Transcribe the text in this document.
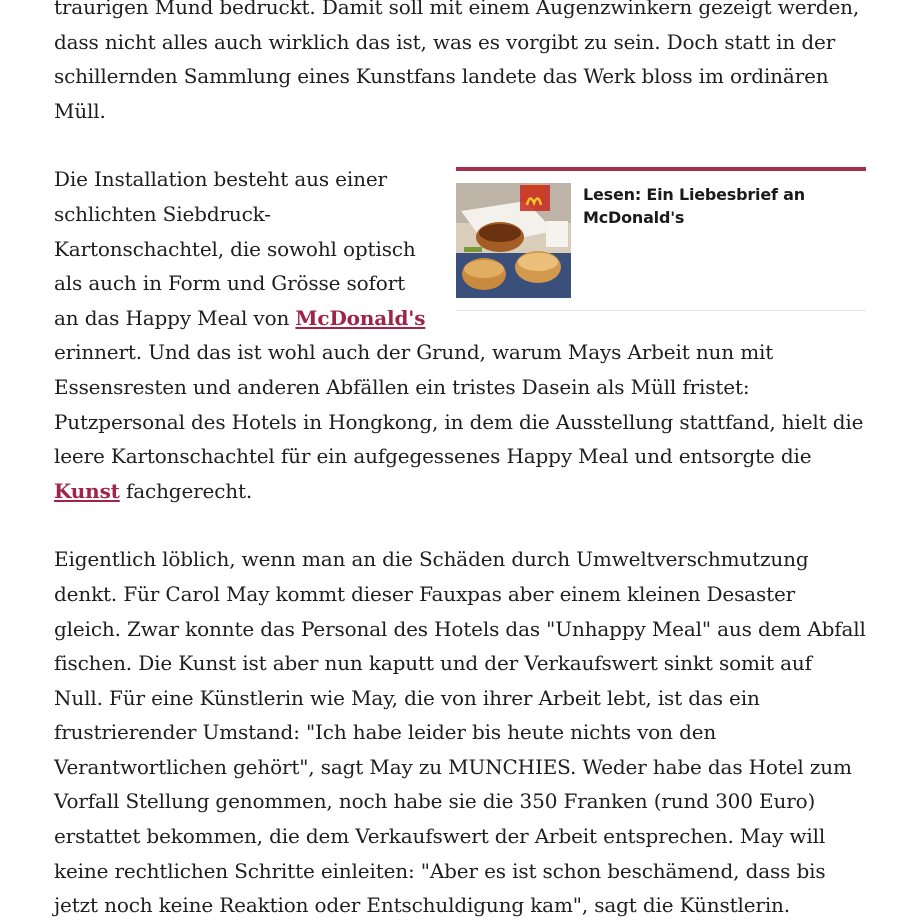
traurigen Mund bedruckt. Damit soll mit einem Augenzwinkern gezeigt werden, dass nicht alles auch wirklich das ist, was es vorgibt zu sein. Doch statt in der schillernden Sammlung eines Kunstfans landete das Werk bloss im ordinären Müll.

Lesen: Ein Liebesbrief an McDonald's

Die Installation besteht aus einer schlichten Siebdruck-Kartonschachtel, die sowohl optisch als auch in Form und Grösse sofort an das Happy Meal von McDonald's erinnert. Und das ist wohl auch der Grund, warum Mays Arbeit nun mit Essensresten und anderen Abfällen ein tristes Dasein als Müll fristet: Putzpersonal des Hotels in Hongkong, in dem die Ausstellung stattfand, hielt die leere Kartonschachtel für ein aufgegessenes Happy Meal und entsorgte die Kunst fachgerecht.

Eigentlich löblich, wenn man an die Schäden durch Umweltverschmutzung denkt. Für Carol May kommt dieser Fauxpas aber einem kleinen Desaster gleich. Zwar konnte das Personal des Hotels das "Unhappy Meal" aus dem Abfall fischen. Die Kunst ist aber nun kaputt und der Verkaufswert sinkt somit auf Null. Für eine Künstlerin wie May, die von ihrer Arbeit lebt, ist das ein frustrierender Umstand: "Ich habe leider bis heute nichts von den Verantwortlichen gehört", sagt May zu MUNCHIES. Weder habe das Hotel zum Vorfall Stellung genommen, noch habe sie die 350 Franken (rund 300 Euro) erstattet bekommen, die dem Verkaufswert der Arbeit entsprechen. May will keine rechtlichen Schritte einleiten: "Aber es ist schon beschämend, dass bis jetzt noch keine Reaktion oder Entschuldigung kam", sagt die Künstlerin.
